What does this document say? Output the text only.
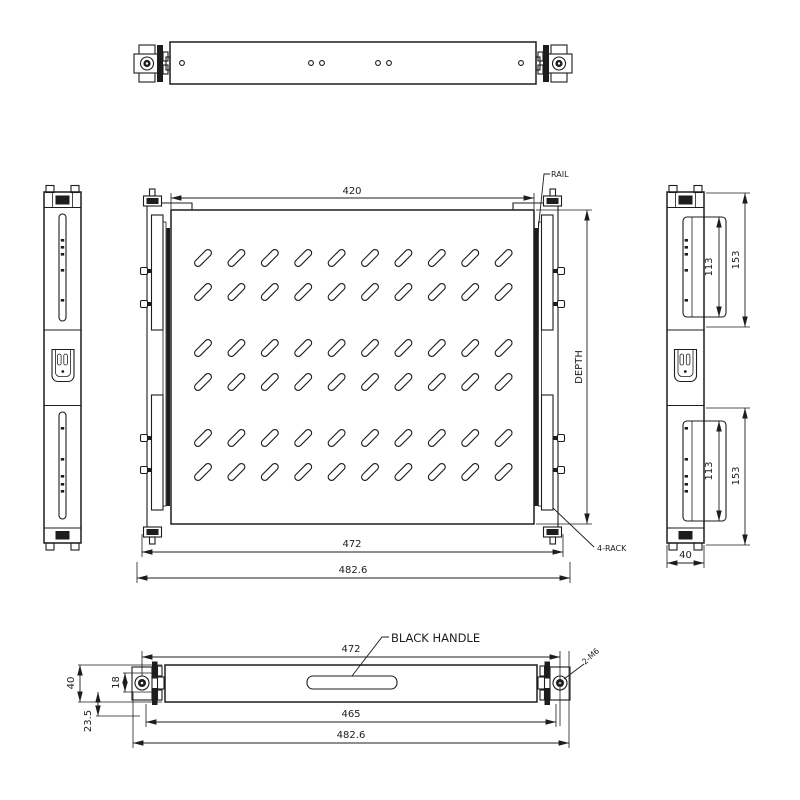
420
472
482.6
DEPTH
RAIL
4-RACK
113 153
113 153
40
472
465
482.6
40	18
23.5
BLACK HANDLE
2-M6
